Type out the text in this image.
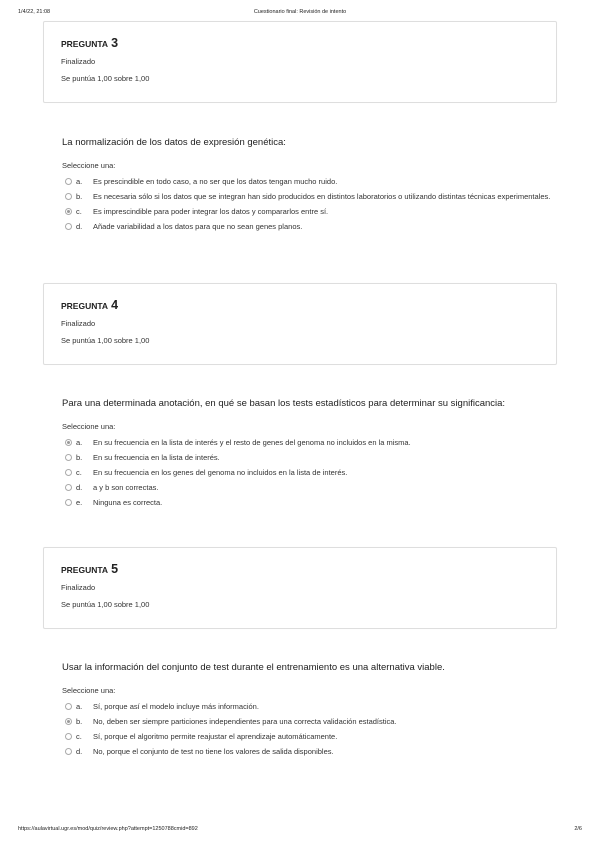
1/4/22, 21:08	Cuestionario final: Revisión de intento
PREGUNTA 3
Finalizado
Se puntúa 1,00 sobre 1,00
La normalización de los datos de expresión genética:
Seleccione una:
a.	Es prescindible en todo caso, a no ser que los datos tengan mucho ruido.
b.	Es necesaria sólo si los datos que se integran han sido producidos en distintos laboratorios o utilizando distintas técnicas experimentales.
c.	Es imprescindible para poder integrar los datos y compararlos entre sí.
d.	Añade variabilidad a los datos para que no sean genes planos.
PREGUNTA 4
Finalizado
Se puntúa 1,00 sobre 1,00
Para una determinada anotación, en qué se basan los tests estadísticos para determinar su significancia:
Seleccione una:
a.	En su frecuencia en la lista de interés y el resto de genes del genoma no incluidos en la misma.
b.	En su frecuencia en la lista de interés.
c.	En su frecuencia en los genes del genoma no incluidos en la lista de interés.
d.	a y b son correctas.
e.	Ninguna es correcta.
PREGUNTA 5
Finalizado
Se puntúa 1,00 sobre 1,00
Usar la información del conjunto de test durante el entrenamiento es una alternativa viable.
Seleccione una:
a.	Sí, porque así el modelo incluye más información.
b.	No, deben ser siempre particiones independientes para una correcta validación estadística.
c.	Sí, porque el algoritmo permite reajustar el aprendizaje automáticamente.
d.	No, porque el conjunto de test no tiene los valores de salida disponibles.
https://aulavirtual.ugr.es/mod/quiz/review.php?attempt=1250788cmid=892	2/6
